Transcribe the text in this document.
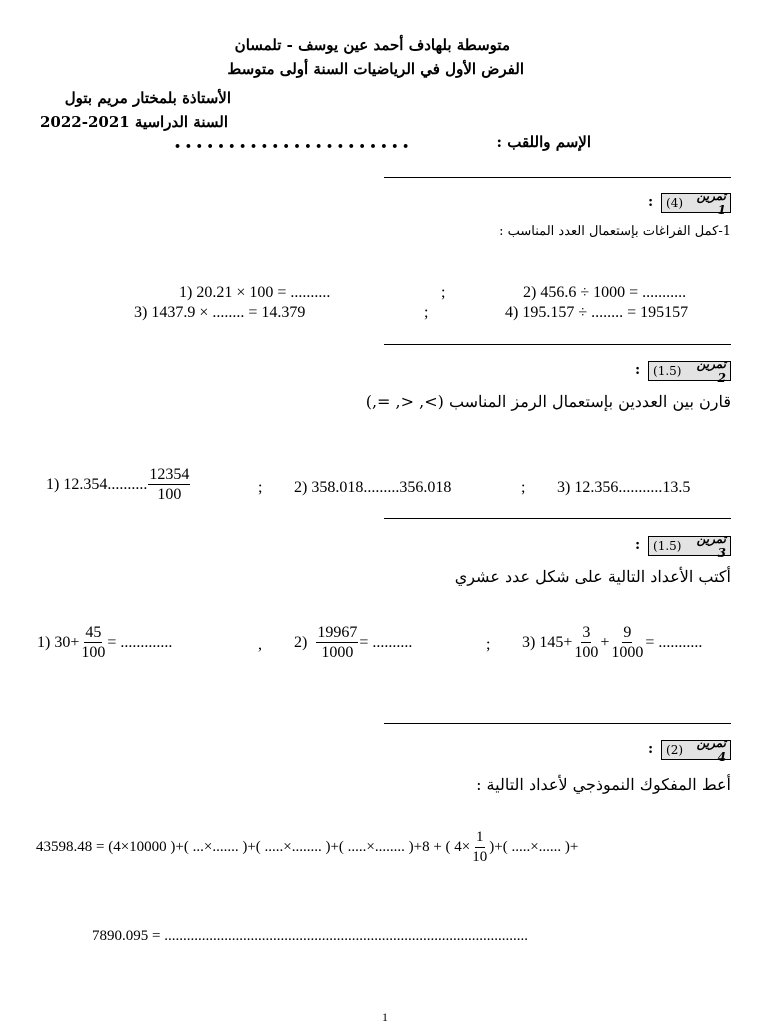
متوسطة بلهادف أحمد عين يوسف - تلمسان
الفرض الأول في الرياضيات السنة أولى متوسط
الأستاذة بلمختار مريم بتول
السنة الدراسية 2021-2022
الإسم واللقب :
• • • • • • • • • • • • • • • • • • • • • •
تمرين 1
(4)
:
1-كمل الفراغات بإستعمال العدد المناسب :
1) 20.21 × 100 = ..........	;	2) 456.6 ÷ 1000 = ...........
3) 1437.9 × ........ = 14.379	;	4) 195.157 ÷ ........ = 195157
تمرين 2
(1.5)
:
قارن بين العددين بإستعمال الرمز المناسب (>, <, =,)
1) 12.354.......... $\frac{12354}{100}$	; 2) 358.018.........356.018	; 3) 12.356...........13.5
تمرين 3
(1.5)
:
أكتب الأعداد التالية على شكل عدد عشري
1) $30+ \frac{45}{100}$ = .............	, $2) \frac{19967}{1000}$ = ..........	; 3) $145+ \frac{3}{100} + \frac{9}{1000}$ = ...........
تمرين 4
(2)
:
أعط المفكوك النموذجي لأعداد التالية :
43598.48 = (4×10000 )+( ...×....... )+( .....×........ )+( .....×........ )+8 + ( $4\times \frac{1}{10}$ )+( .....×...... )+
7890.095 = .................................................................................................
1
